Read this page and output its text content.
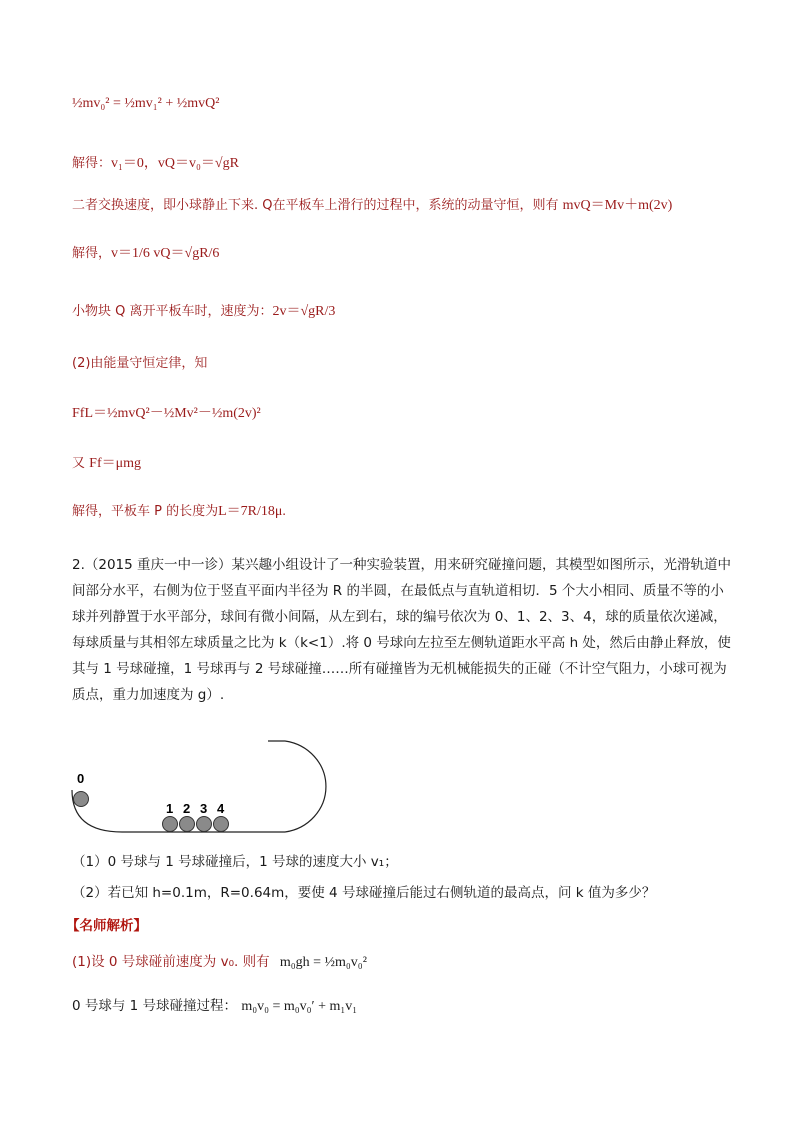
½mv₀² = ½mv₁² + ½mvQ²
解得：v₁＝0，vQ＝v₀＝√gR
二者交换速度，即小球静止下来. Q在平板车上滑行的过程中，系统的动量守恒，则有 mvQ＝Mv＋m(2v)
解得，v＝1/6 vQ＝√gR/6
小物块 Q 离开平板车时，速度为：2v＝√gR/3
(2)由能量守恒定律，知
FfL＝½mvQ²－½Mv²－½m(2v)²
又 Ff＝μmg
解得，平板车 P 的长度为L＝7R/18μ.
2.（2015 重庆一中一诊）某兴趣小组设计了一种实验装置，用来研究碰撞问题，其模型如图所示，光滑轨道中间部分水平，右侧为位于竖直平面内半径为 R 的半圆，在最低点与直轨道相切．5 个大小相同、质量不等的小球并列静置于水平部分，球间有微小间隔，从左到右，球的编号依次为 0、1、2、3、4，球的质量依次递减，每球质量与其相邻左球质量之比为 k（k<1）.将 0 号球向左拉至左侧轨道距水平高 h 处，然后由静止释放，使其与 1 号球碰撞，1 号球再与 2 号球碰撞……所有碰撞皆为无机械能损失的正碰（不计空气阻力，小球可视为质点，重力加速度为 g）.
0
1 2 3 4
（1）0 号球与 1 号球碰撞后，1 号球的速度大小 v₁；
（2）若已知 h=0.1m，R=0.64m，要使 4 号球碰撞后能过右侧轨道的最高点，问 k 值为多少？
【名师解析】
(1)设 0 号球碰前速度为 v₀. 则有 m₀gh = ½m₀v₀²
0 号球与 1 号球碰撞过程： m₀v₀ = m₀v₀′ + m₁v₁
